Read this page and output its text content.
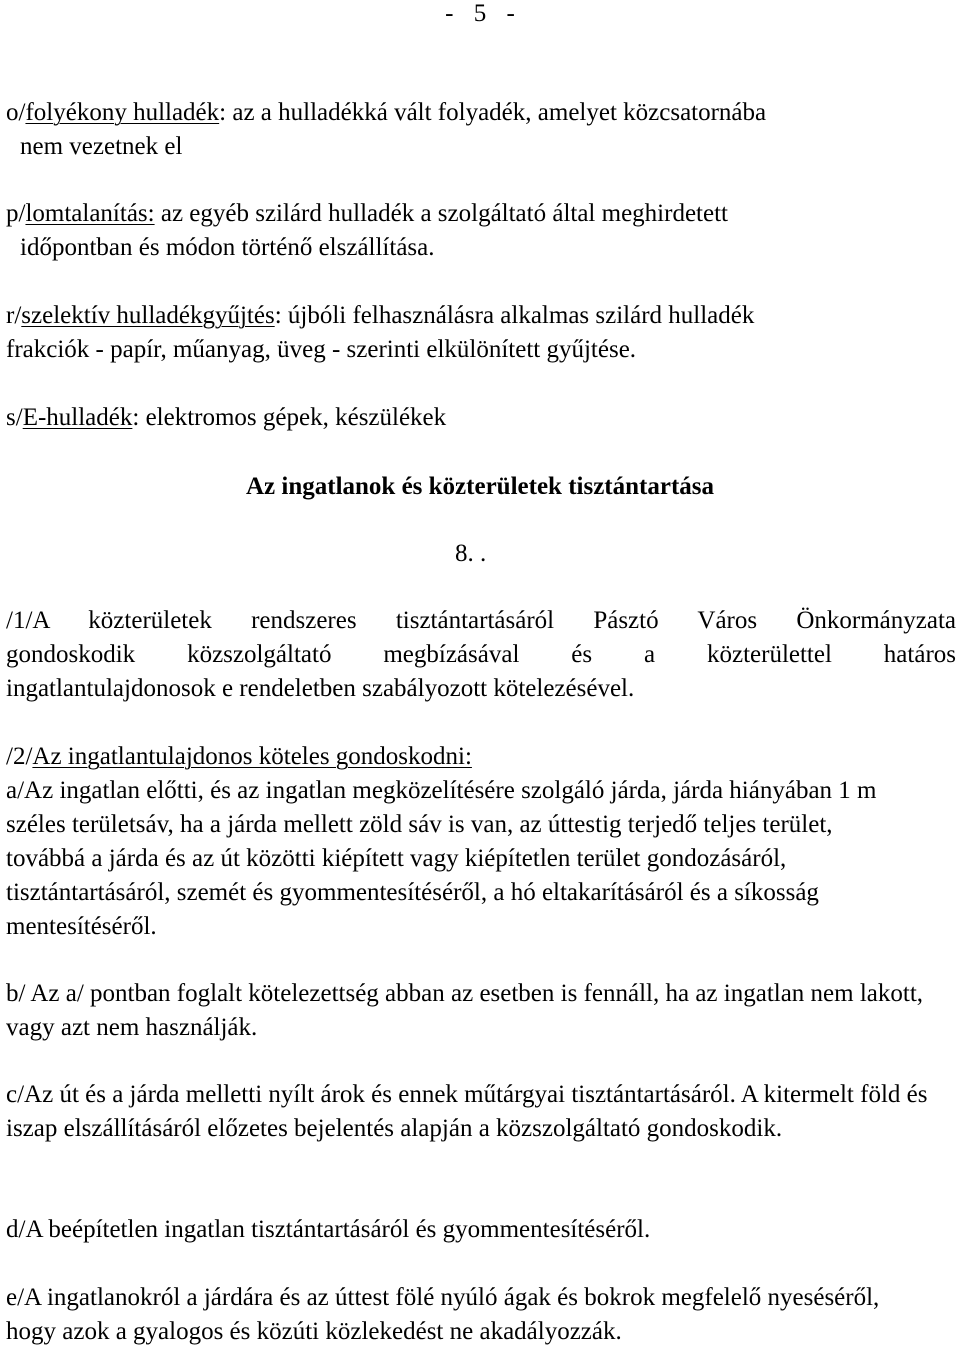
- 5 -

o/folyékony hulladék: az a hulladékká vált folyadék, amelyet közcsatornába
nem vezetnek el

p/lomtalanítás: az egyéb szilárd hulladék a szolgáltató által meghirdetett
időpontban és módon történő elszállítása.

r/szelektív hulladékgyűjtés: újbóli felhasználásra alkalmas szilárd hulladék
frakciók - papír, műanyag, üveg - szerinti elkülönített gyűjtése.

s/E-hulladék: elektromos gépek, készülékek

Az ingatlanok és közterületek tisztántartása
8. .

/1/A közterületek rendszeres tisztántartásáról Pásztó Város Önkormányzata
gondoskodik közszolgáltató megbízásával és a közterülettel határos
ingatlantulajdonosok e rendeletben szabályozott kötelezésével.

/2/Az ingatlantulajdonos köteles gondoskodni:

a/Az ingatlan előtti, és az ingatlan megközelítésére szolgáló járda, járda hiányában 1 m széles területsáv, ha a járda mellett zöld sáv is van, az úttestig terjedő teljes terület, továbbá a járda és az út közötti kiépített vagy kiépítetlen terület gondozásáról, tisztántartásáról, szemét és gyommentesítéséről, a hó eltakarításáról és a síkosság mentesítéséről.

b/ Az a/ pontban foglalt kötelezettség abban az esetben is fennáll, ha az ingatlan nem lakott, vagy azt nem használják.

c/Az út és a járda melletti nyílt árok és ennek műtárgyai tisztántartásáról. A kitermelt föld és iszap elszállításáról előzetes bejelentés alapján a közszolgáltató gondoskodik.

d/A beépítetlen ingatlan tisztántartásáról és gyommentesítéséről.

e/A ingatlanokról a járdára és az úttest fölé nyúló ágak és bokrok megfelelő nyeséséről, hogy azok a gyalogos és közúti közlekedést ne akadályozzák.
